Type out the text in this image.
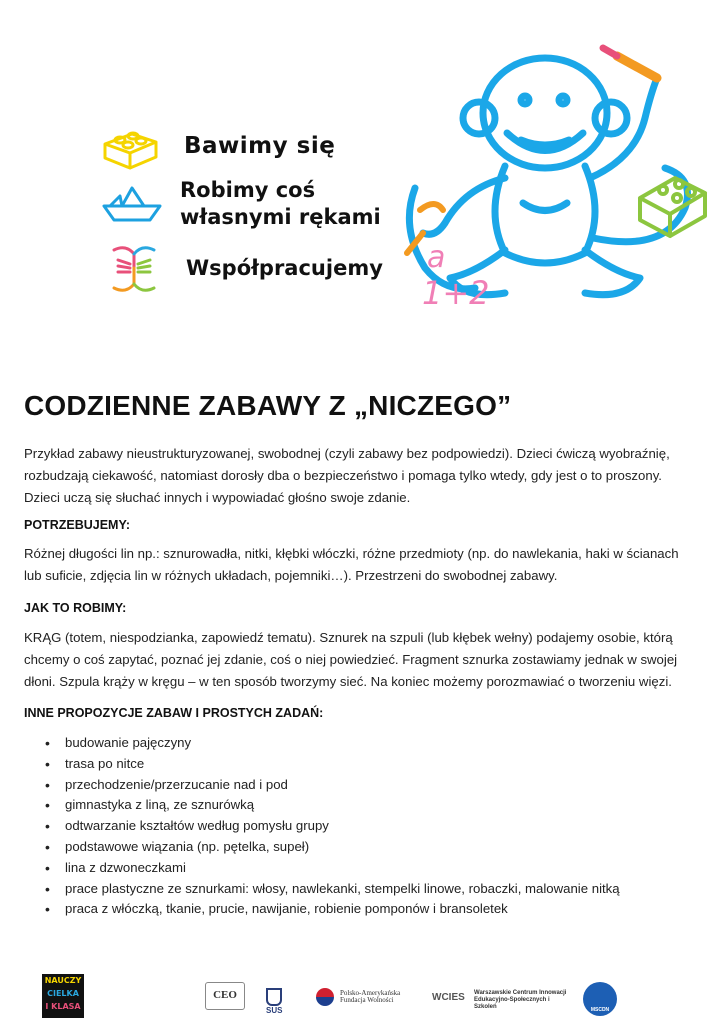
Bawimy się
Robimy coś
własnymi rękami
Współpracujemy a
1+2
CODZIENNE ZABAWY Z „NICZEGO”

Przykład zabawy nieustrukturyzowanej, swobodnej (czyli zabawy bez podpowiedzi). Dzieci ćwiczą wyobraźnię, rozbudzają ciekawość, natomiast dorosły dba o bezpieczeństwo i pomaga tylko wtedy, gdy jest o to proszony. Dzieci uczą się słuchać innych i wypowiadać głośno swoje zdanie.

POTRZEBUJEMY:

Różnej długości lin np.: sznurowadła, nitki, kłębki włóczki, różne przedmioty (np. do nawlekania, haki w ścianach lub suficie, zdjęcia lin w różnych układach, pojemniki…). Przestrzeni do swobodnej zabawy.

JAK TO ROBIMY:

KRĄG (totem, niespodzianka, zapowiedź tematu). Sznurek na szpuli (lub kłębek wełny) podajemy osobie, którą chcemy o coś zapytać, poznać jej zdanie, coś o niej powiedzieć. Fragment sznurka zostawiamy jednak w swojej dłoni. Szpula krąży w kręgu – w ten sposób tworzymy sieć. Na koniec możemy porozmawiać o tworzeniu więzi.

INNE PROPOZYCJE ZABAW I PROSTYCH ZADAŃ:

• budowanie pajęczyny
• trasa po nitce
• przechodzenie/przerzucanie nad i pod
• gimnastyka z liną, ze sznurówką
• odtwarzanie kształtów według pomysłu grupy
• podstawowe wiązania (np. pętelka, supeł)
• lina z dzwoneczkami
• prace plastyczne ze sznurkami: włosy, nawlekanki, stempelki linowe, robaczki, malowanie nitką
• praca z włóczką, tkanie, prucie, nawijanie, robienie pomponów i bransoletek
NAUCZY
CIELKA
I KLASA
CEO
SUS
Polsko-Amerykańska
Fundacja Wolności	WCIES Warszawskie Centrum Innowacji
Edukacyjno-Społecznych i Szkoleń	MSCDN
